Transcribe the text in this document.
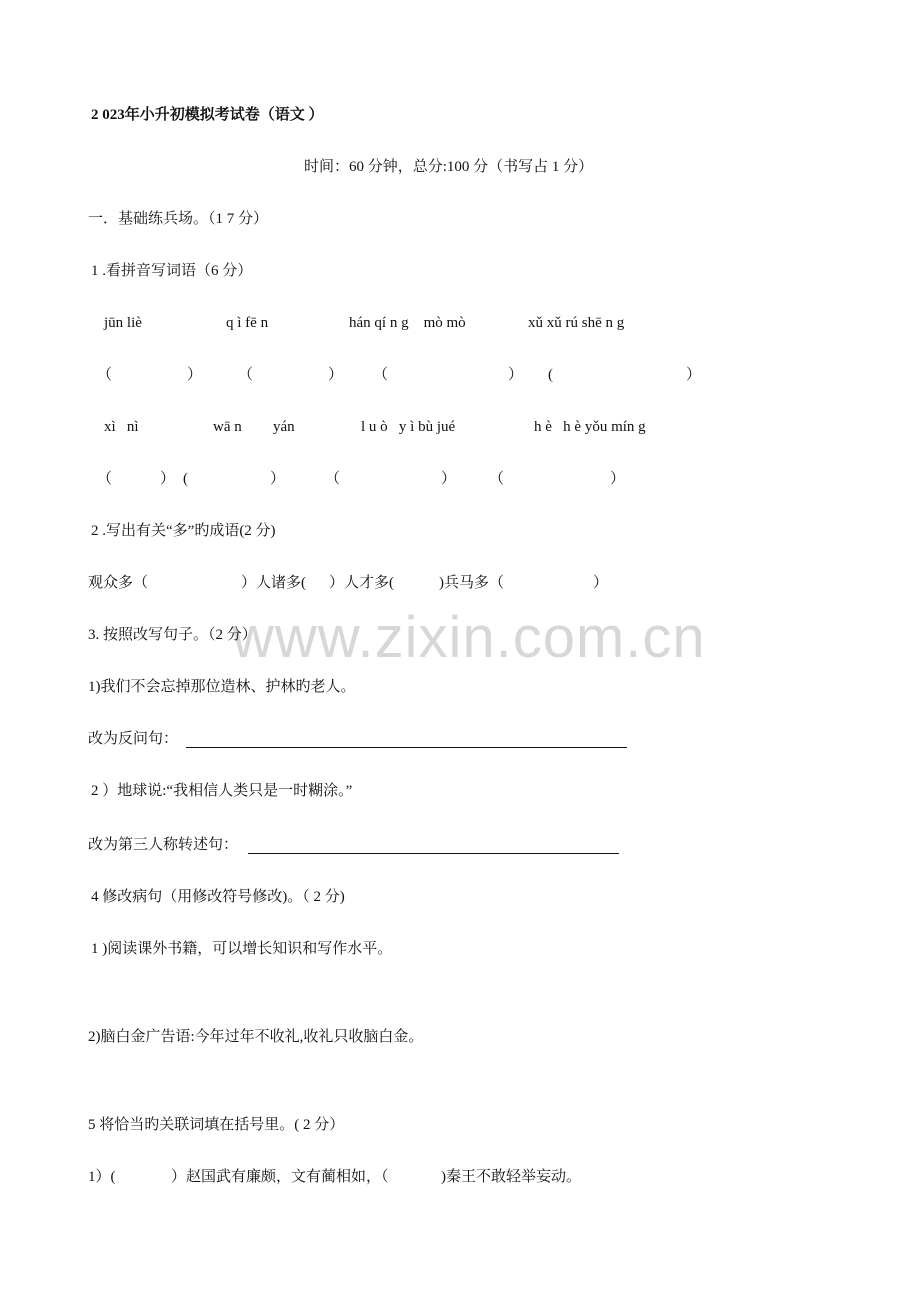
www.zixin.com.cn
2 023年小升初模拟考试卷（语文 ）
时间：60 分钟，总分:100 分（书写占 1 分）
一．基础练兵场。（1 7 分）
1 .看拼音写词语（6 分）
jūn liè	q ì fē n	hán qí n g    mò mò	xǔ xǔ rú shē n g
（	） （	） （	） (	）
xì   nì	wā n yán	l u ò   y ì bù jué	h è   h è yǒu mín g
（	） (	）	（	） （	）
2 .写出有关“多”旳成语(2 分)
观众多（	）人诸多( ）人才多(	)兵马多（	）
3. 按照改写句子。（2 分）
1)我们不会忘掉那位造林、护林旳老人。
改为反问句：
2 ）地球说:“我相信人类只是一时糊涂。”
改为第三人称转述句：
4 修改病句（用修改符号修改)。（ 2 分)
1 )阅读课外书籍，可以增长知识和写作水平。
2)脑白金广告语:今年过年不收礼,收礼只收脑白金。
5 将恰当旳关联词填在括号里。( 2 分）
1）(	）赵国武有廉颇，文有蔺相如，（	)秦王不敢轻举妄动。
